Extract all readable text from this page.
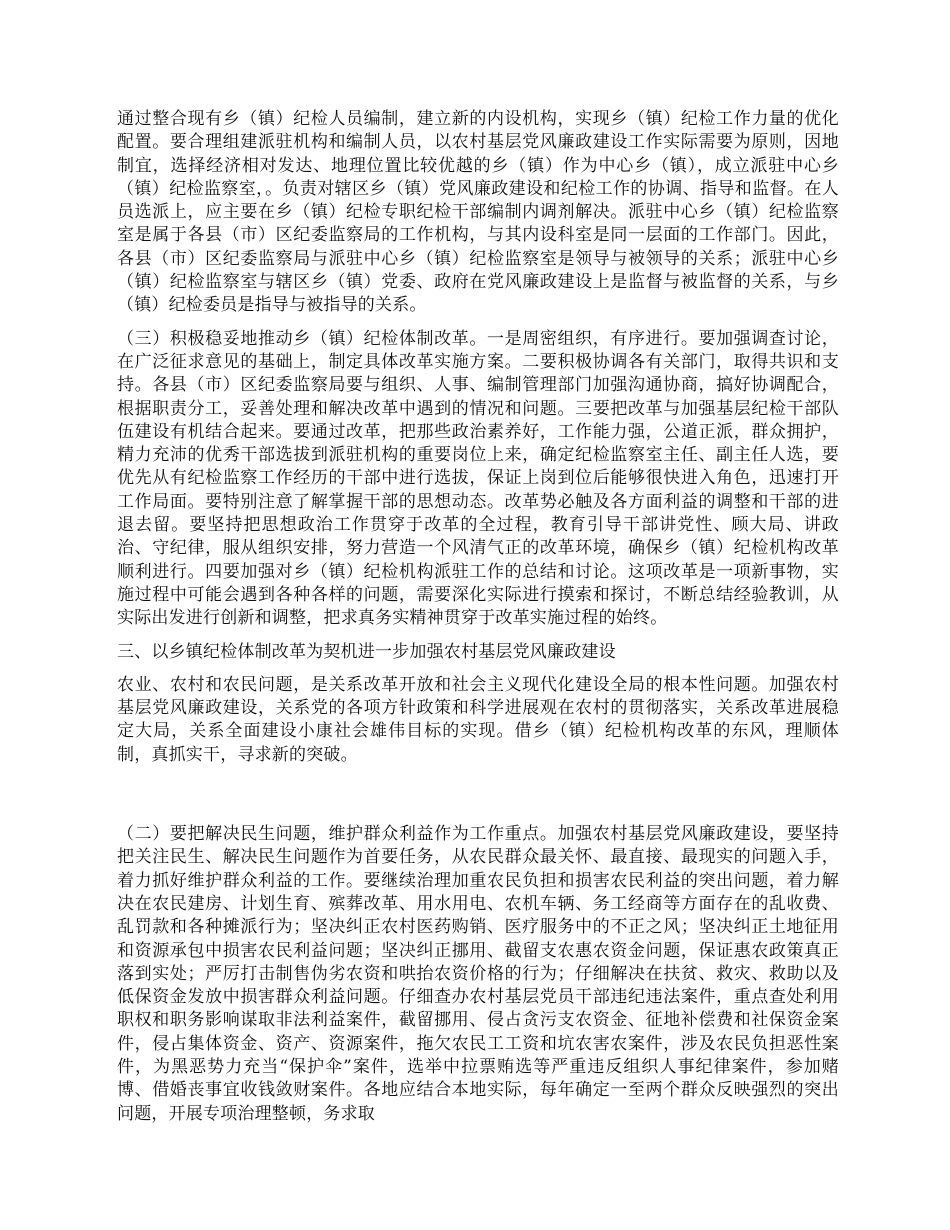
通过整合现有乡（镇）纪检人员编制，建立新的内设机构，实现乡（镇）纪检工作力量的优化配置。要合理组建派驻机构和编制人员，以农村基层党风廉政建设工作实际需要为原则，因地制宜，选择经济相对发达、地理位置比较优越的乡（镇）作为中心乡（镇），成立派驻中心乡（镇）纪检监察室，。负责对辖区乡（镇）党风廉政建设和纪检工作的协调、指导和监督。在人员选派上，应主要在乡（镇）纪检专职纪检干部编制内调剂解决。派驻中心乡（镇）纪检监察室是属于各县（市）区纪委监察局的工作机构，与其内设科室是同一层面的工作部门。因此，各县（市）区纪委监察局与派驻中心乡（镇）纪检监察室是领导与被领导的关系；派驻中心乡（镇）纪检监察室与辖区乡（镇）党委、政府在党风廉政建设上是监督与被监督的关系，与乡（镇）纪检委员是指导与被指导的关系。

（三）积极稳妥地推动乡（镇）纪检体制改革。一是周密组织，有序进行。要加强调查讨论，在广泛征求意见的基础上，制定具体改革实施方案。二要积极协调各有关部门，取得共识和支持。各县（市）区纪委监察局要与组织、人事、编制管理部门加强沟通协商，搞好协调配合，根据职责分工，妥善处理和解决改革中遇到的情况和问题。三要把改革与加强基层纪检干部队伍建设有机结合起来。要通过改革，把那些政治素养好，工作能力强，公道正派，群众拥护，精力充沛的优秀干部选拔到派驻机构的重要岗位上来，确定纪检监察室主任、副主任人选，要优先从有纪检监察工作经历的干部中进行选拔，保证上岗到位后能够很快进入角色，迅速打开工作局面。要特别注意了解掌握干部的思想动态。改革势必触及各方面利益的调整和干部的进退去留。要坚持把思想政治工作贯穿于改革的全过程，教育引导干部讲党性、顾大局、讲政治、守纪律，服从组织安排，努力营造一个风清气正的改革环境，确保乡（镇）纪检机构改革顺利进行。四要加强对乡（镇）纪检机构派驻工作的总结和讨论。这项改革是一项新事物，实施过程中可能会遇到各种各样的问题，需要深化实际进行摸索和探讨，不断总结经验教训，从实际出发进行创新和调整，把求真务实精神贯穿于改革实施过程的始终。

三、以乡镇纪检体制改革为契机进一步加强农村基层党风廉政建设

农业、农村和农民问题，是关系改革开放和社会主义现代化建设全局的根本性问题。加强农村基层党风廉政建设，关系党的各项方针政策和科学进展观在农村的贯彻落实，关系改革进展稳定大局，关系全面建设小康社会雄伟目标的实现。借乡（镇）纪检机构改革的东风，理顺体制，真抓实干，寻求新的突破。

（二）要把解决民生问题，维护群众利益作为工作重点。加强农村基层党风廉政建设，要坚持把关注民生、解决民生问题作为首要任务，从农民群众最关怀、最直接、最现实的问题入手，着力抓好维护群众利益的工作。要继续治理加重农民负担和损害农民利益的突出问题，着力解决在农民建房、计划生育、殡葬改革、用水用电、农机车辆、务工经商等方面存在的乱收费、乱罚款和各种摊派行为；坚决纠正农村医药购销、医疗服务中的不正之风；坚决纠正土地征用和资源承包中损害农民利益问题；坚决纠正挪用、截留支农惠农资金问题，保证惠农政策真正落到实处；严厉打击制售伪劣农资和哄抬农资价格的行为；仔细解决在扶贫、救灾、救助以及低保资金发放中损害群众利益问题。仔细查办农村基层党员干部违纪违法案件，重点查处利用职权和职务影响谋取非法利益案件，截留挪用、侵占贪污支农资金、征地补偿费和社保资金案件，侵占集体资金、资产、资源案件，拖欠农民工工资和坑农害农案件，涉及农民负担恶性案件，为黑恶势力充当“保护伞”案件，选举中拉票贿选等严重违反组织人事纪律案件，参加赌博、借婚丧事宜收钱敛财案件。各地应结合本地实际，每年确定一至两个群众反映强烈的突出问题，开展专项治理整顿，务求取
